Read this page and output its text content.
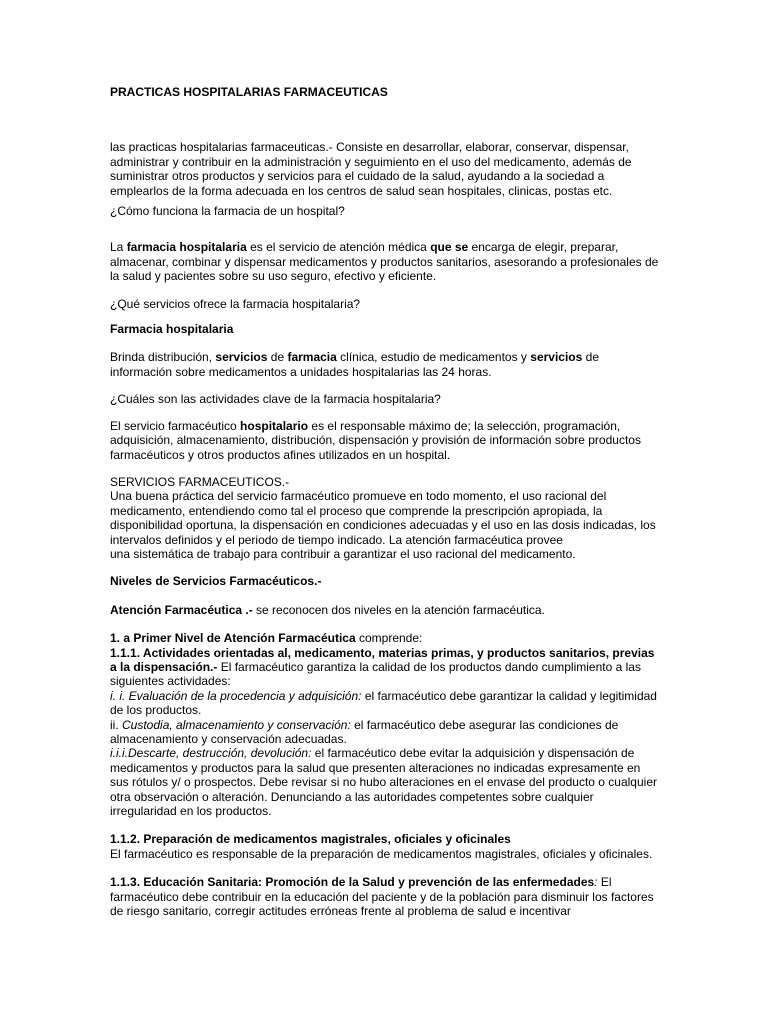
PRACTICAS HOSPITALARIAS FARMACEUTICAS

las practicas hospitalarias farmaceuticas.- Consiste en desarrollar, elaborar, conservar, dispensar, administrar y contribuir en la administración y seguimiento en el uso del medicamento, además de suministrar otros productos y servicios para el cuidado de la salud, ayudando a la sociedad a emplearlos de la forma adecuada en los centros de salud sean hospitales, clinicas, postas etc.

¿Cómo funciona la farmacia de un hospital?

La farmacia hospitalaria es el servicio de atención médica que se encarga de elegir, preparar, almacenar, combinar y dispensar medicamentos y productos sanitarios, asesorando a profesionales de la salud y pacientes sobre su uso seguro, efectivo y eficiente.

¿Qué servicios ofrece la farmacia hospitalaria?

Farmacia hospitalaria

Brinda distribución, servicios de farmacia clínica, estudio de medicamentos y servicios de información sobre medicamentos a unidades hospitalarias las 24 horas.

¿Cuáles son las actividades clave de la farmacia hospitalaria?

El servicio farmacéutico hospitalario es el responsable máximo de; la selección, programación, adquisición, almacenamiento, distribución, dispensación y provisión de información sobre productos farmacéuticos y otros productos afines utilizados en un hospital.

SERVICIOS FARMACEUTICOS.-

Una buena práctica del servicio farmacéutico promueve en todo momento, el uso racional del medicamento, entendiendo como tal el proceso que comprende la prescripción apropiada, la disponibilidad oportuna, la dispensación en condiciones adecuadas y el uso en las dosis indicadas, los intervalos definidos y el periodo de tiempo indicado. La atención farmacéutica provee

una sistemática de trabajo para contribuir a garantizar el uso racional del medicamento.

Niveles de Servicios Farmacéuticos.-

Atención Farmacéutica .- se reconocen dos niveles en la atención farmacéutica.

1. a Primer Nivel de Atención Farmacéutica comprende:

1.1.1. Actividades orientadas al, medicamento, materias primas, y productos sanitarios, previas a la dispensación.- El farmacéutico garantiza la calidad de los productos dando cumplimiento a las siguientes actividades:

i. i. Evaluación de la procedencia y adquisición: el farmacéutico debe garantizar la calidad y legitimidad de los productos.

ii. Custodia, almacenamiento y conservación: el farmacéutico debe asegurar las condiciones de almacenamiento y conservación adecuadas.

i.i.i.Descarte, destrucción, devolución: el farmacéutico debe evitar la adquisición y dispensación de medicamentos y productos para la salud que presenten alteraciones no indicadas expresamente en sus rótulos y/ o prospectos. Debe revisar si no hubo alteraciones en el envase del producto o cualquier otra observación o alteración. Denunciando a las autoridades competentes sobre cualquier irregularidad en los productos.

1.1.2. Preparación de medicamentos magistrales, oficiales y oficinales

El farmacéutico es responsable de la preparación de medicamentos magistrales, oficiales y oficinales.

1.1.3. Educación Sanitaria: Promoción de la Salud y prevención de las enfermedades: El farmacéutico debe contribuir en la educación del paciente y de la población para disminuir los factores de riesgo sanitario, corregir actitudes erróneas frente al problema de salud e incentivar
